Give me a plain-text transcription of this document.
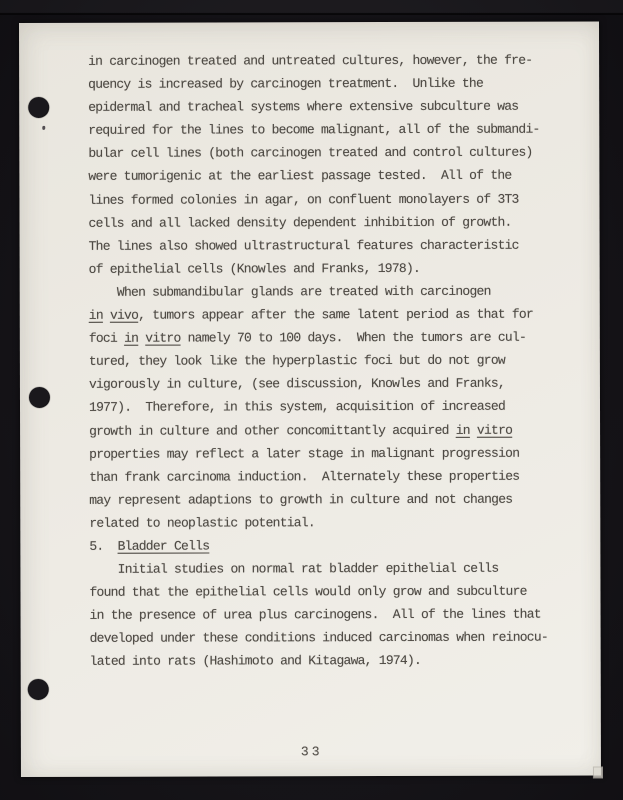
in carcinogen treated and untreated cultures, however, the fre-
quency is increased by carcinogen treatment.  Unlike the
epidermal and tracheal systems where extensive subculture was
required for the lines to become malignant, all of the submandi-
bular cell lines (both carcinogen treated and control cultures)
were tumorigenic at the earliest passage tested.  All of the
lines formed colonies in agar, on confluent monolayers of 3T3
cells and all lacked density dependent inhibition of growth.
The lines also showed ultrastructural features characteristic
of epithelial cells (Knowles and Franks, 1978).
When submandibular glands are treated with carcinogen
in vivo, tumors appear after the same latent period as that for
foci in vitro namely 70 to 100 days.  When the tumors are cul-
tured, they look like the hyperplastic foci but do not grow
vigorously in culture, (see discussion, Knowles and Franks,
1977).  Therefore, in this system, acquisition of increased
growth in culture and other concomittantly acquired in vitro
properties may reflect a later stage in malignant progression
than frank carcinoma induction.  Alternately these properties
may represent adaptions to growth in culture and not changes
related to neoplastic potential.
5.  Bladder Cells
Initial studies on normal rat bladder epithelial cells
found that the epithelial cells would only grow and subculture
in the presence of urea plus carcinogens.  All of the lines that
developed under these conditions induced carcinomas when reinocu-
lated into rats (Hashimoto and Kitagawa, 1974).
33
